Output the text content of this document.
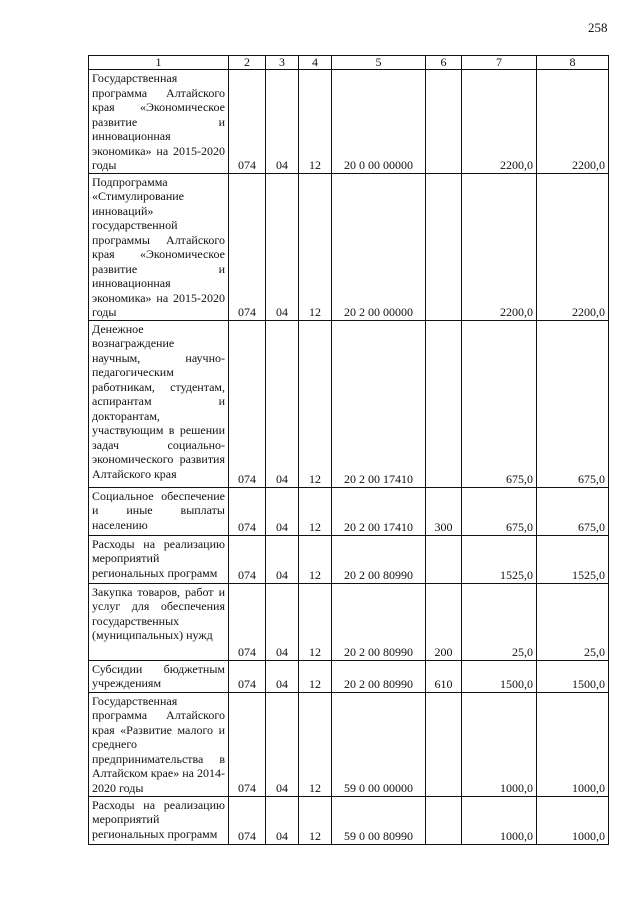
258
1	2	3	4	5	6	7	8
Государственная программа Алтайского края «Экономическое развитие и инновационная экономика» на 2015-2020 годы	074	04	12	20 0 00 00000		2200,0	2200,0
Подпрограмма «Стимулирование инноваций» государственной программы Алтайского края «Экономическое развитие и инновационная экономика» на 2015-2020 годы	074	04	12	20 2 00 00000		2200,0	2200,0
Денежное вознаграждение научным, научно-педагогическим работникам, студентам, аспирантам и докторантам, участвующим в решении задач социально-экономического развития Алтайского края	074	04	12	20 2 00 17410		675,0	675,0
Социальное обеспечение и иные выплаты населению	074	04	12	20 2 00 17410	300	675,0	675,0
Расходы на реализацию мероприятий региональных программ	074	04	12	20 2 00 80990		1525,0	1525,0
Закупка товаров, работ и услуг для обеспечения государственных (муниципальных) нужд	074	04	12	20 2 00 80990	200	25,0	25,0
Субсидии бюджетным учреждениям	074	04	12	20 2 00 80990	610	1500,0	1500,0
Государственная программа Алтайского края «Развитие малого и среднего предпринимательства в Алтайском крае» на 2014-2020 годы	074	04	12	59 0 00 00000		1000,0	1000,0
Расходы на реализацию мероприятий региональных программ	074	04	12	59 0 00 80990		1000,0	1000,0
